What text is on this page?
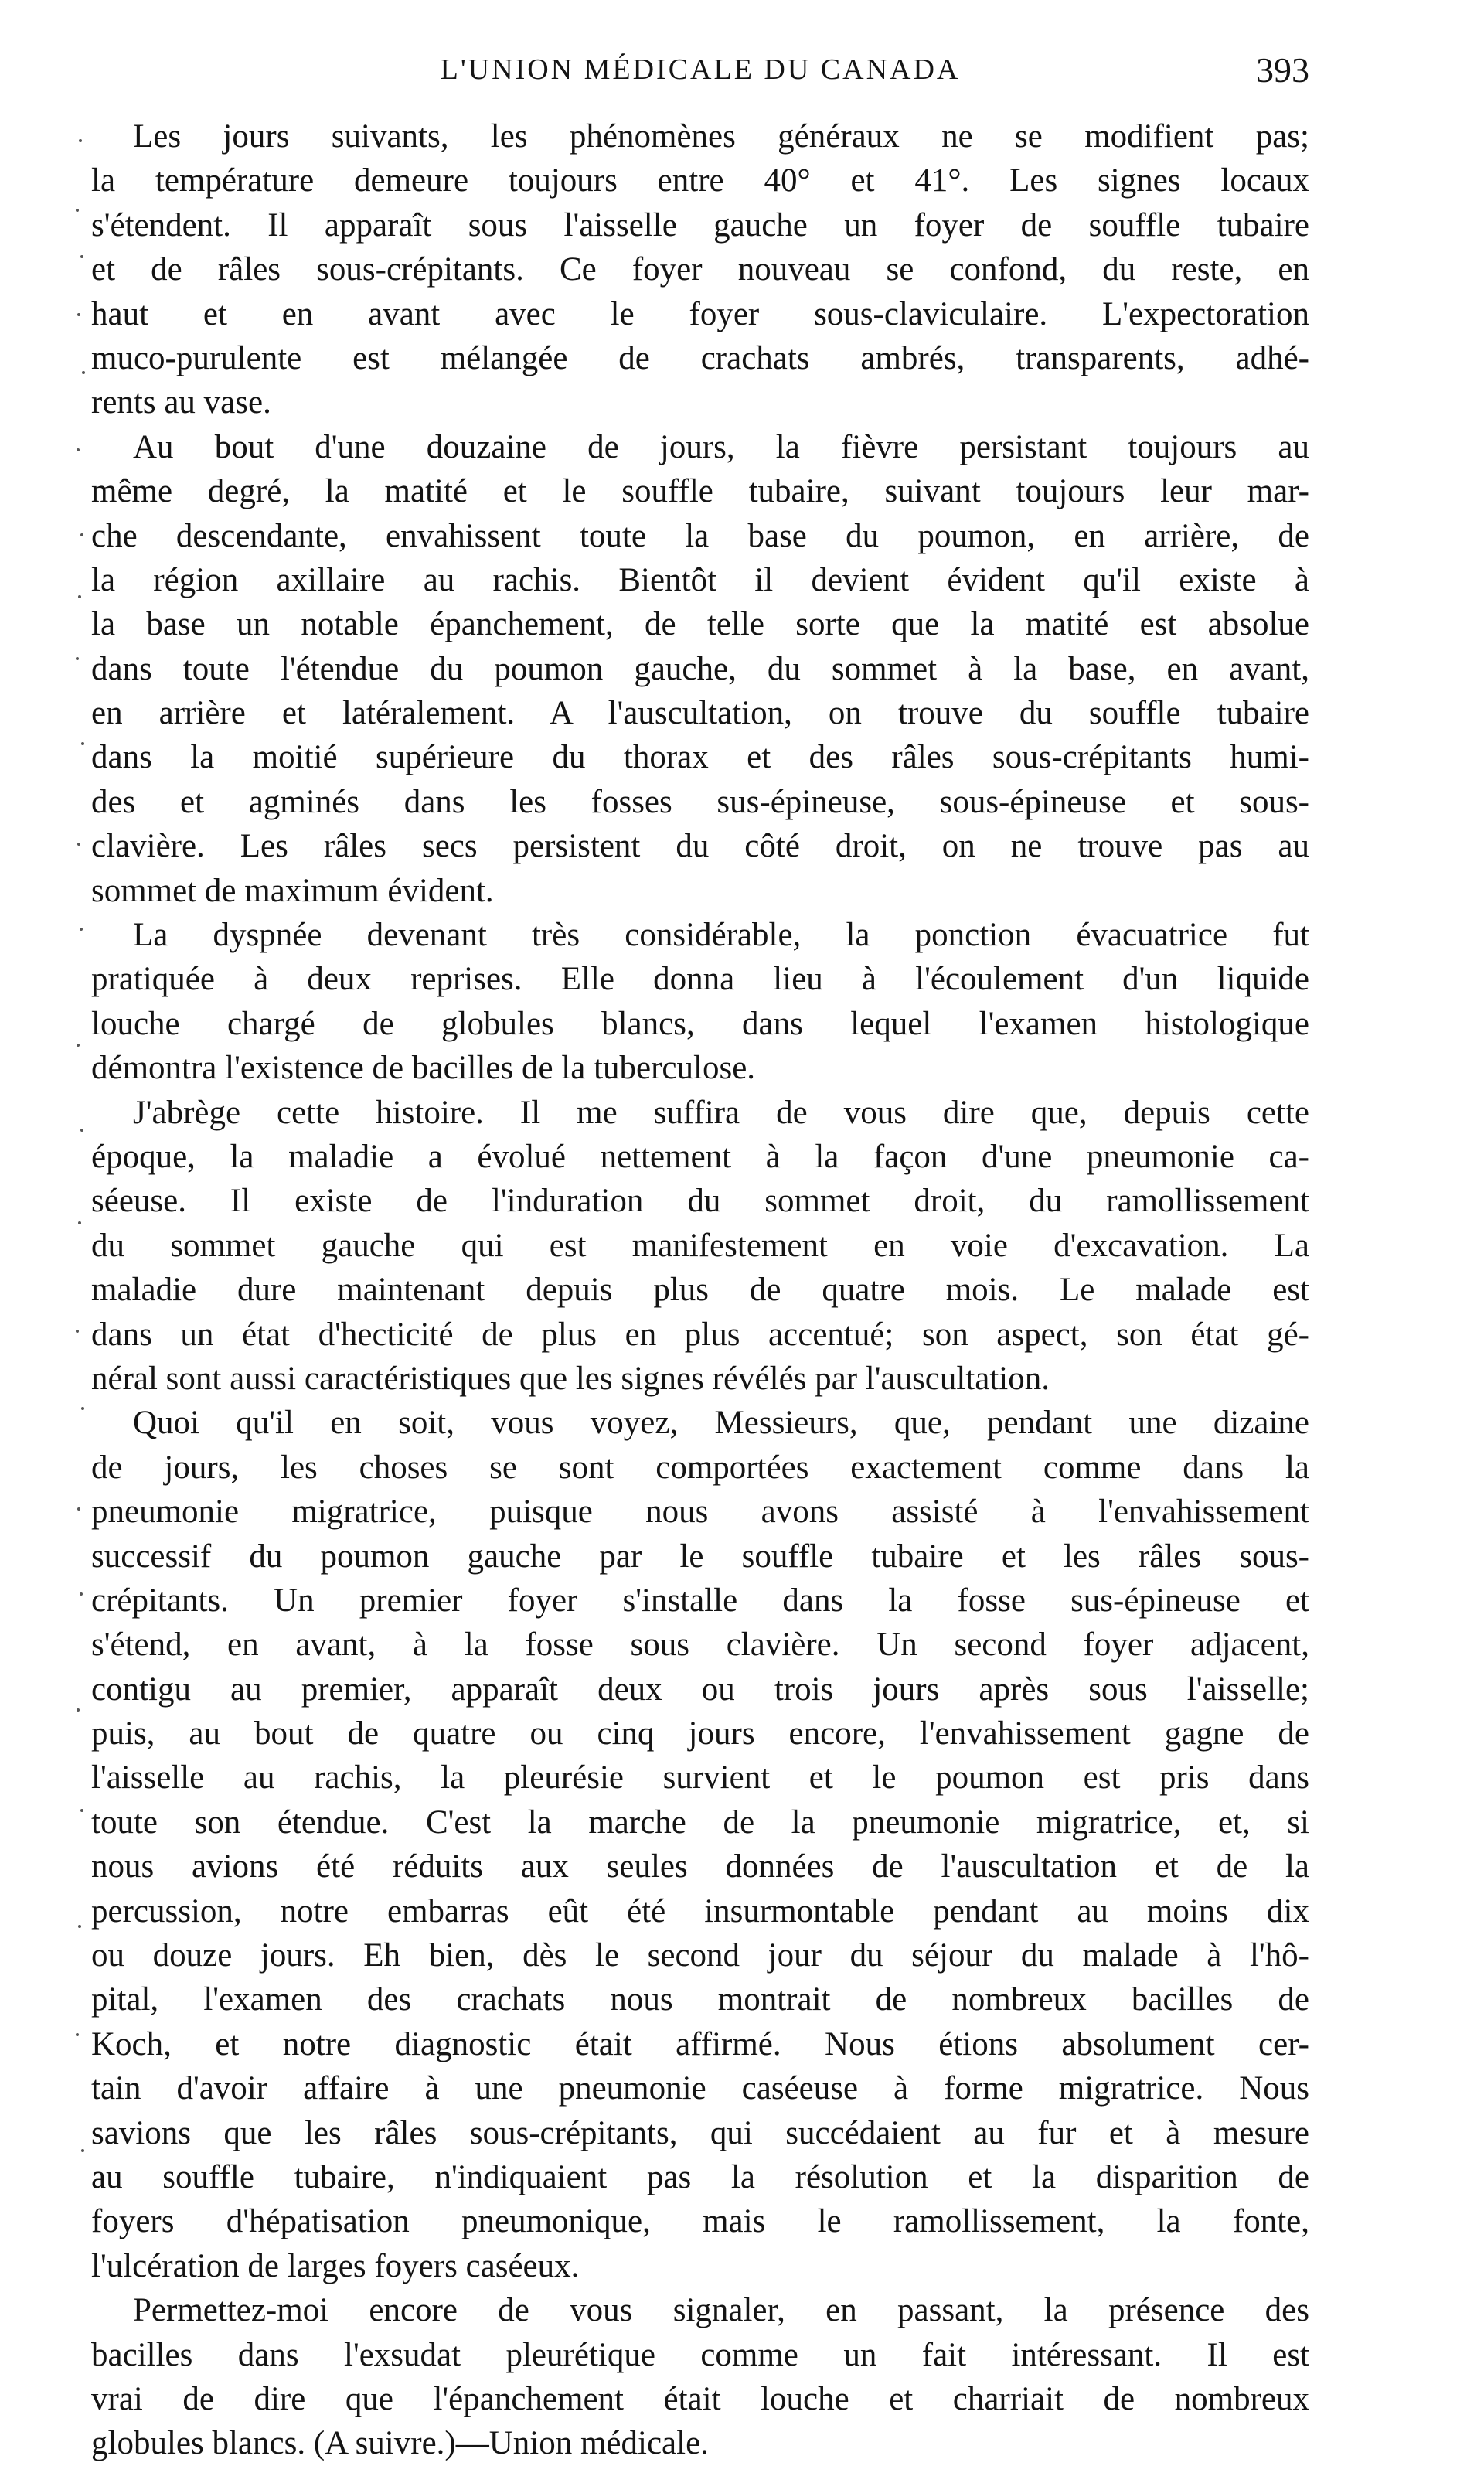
L'UNION MÉDICALE DU CANADA	393
Les jours suivants, les phénomènes généraux ne se modifient pas;
la température demeure toujours entre 40° et 41°. Les signes locaux
s'étendent. Il apparaît sous l'aisselle gauche un foyer de souffle tubaire
et de râles sous-crépitants. Ce foyer nouveau se confond, du reste, en
haut et en avant avec le foyer sous-claviculaire. L'expectoration
muco-purulente est mélangée de crachats ambrés, transparents, adhé-
rents au vase.
Au bout d'une douzaine de jours, la fièvre persistant toujours au
même degré, la matité et le souffle tubaire, suivant toujours leur mar-
che descendante, envahissent toute la base du poumon, en arrière, de
la région axillaire au rachis. Bientôt il devient évident qu'il existe à
la base un notable épanchement, de telle sorte que la matité est absolue
dans toute l'étendue du poumon gauche, du sommet à la base, en avant,
en arrière et latéralement. A l'auscultation, on trouve du souffle tubaire
dans la moitié supérieure du thorax et des râles sous-crépitants humi-
des et agminés dans les fosses sus-épineuse, sous-épineuse et sous-
clavière. Les râles secs persistent du côté droit, on ne trouve pas au
sommet de maximum évident.
La dyspnée devenant très considérable, la ponction évacuatrice fut
pratiquée à deux reprises. Elle donna lieu à l'écoulement d'un liquide
louche chargé de globules blancs, dans lequel l'examen histologique
démontra l'existence de bacilles de la tuberculose.
J'abrège cette histoire. Il me suffira de vous dire que, depuis cette
époque, la maladie a évolué nettement à la façon d'une pneumonie ca-
séeuse. Il existe de l'induration du sommet droit, du ramollissement
du sommet gauche qui est manifestement en voie d'excavation. La
maladie dure maintenant depuis plus de quatre mois. Le malade est
dans un état d'hecticité de plus en plus accentué; son aspect, son état gé-
néral sont aussi caractéristiques que les signes révélés par l'auscultation.
Quoi qu'il en soit, vous voyez, Messieurs, que, pendant une dizaine
de jours, les choses se sont comportées exactement comme dans la
pneumonie migratrice, puisque nous avons assisté à l'envahissement
successif du poumon gauche par le souffle tubaire et les râles sous-
crépitants. Un premier foyer s'installe dans la fosse sus-épineuse et
s'étend, en avant, à la fosse sous clavière. Un second foyer adjacent,
contigu au premier, apparaît deux ou trois jours après sous l'aisselle;
puis, au bout de quatre ou cinq jours encore, l'envahissement gagne de
l'aisselle au rachis, la pleurésie survient et le poumon est pris dans
toute son étendue. C'est la marche de la pneumonie migratrice, et, si
nous avions été réduits aux seules données de l'auscultation et de la
percussion, notre embarras eût été insurmontable pendant au moins dix
ou douze jours. Eh bien, dès le second jour du séjour du malade à l'hô-
pital, l'examen des crachats nous montrait de nombreux bacilles de
Koch, et notre diagnostic était affirmé. Nous étions absolument cer-
tain d'avoir affaire à une pneumonie caséeuse à forme migratrice. Nous
savions que les râles sous-crépitants, qui succédaient au fur et à mesure
au souffle tubaire, n'indiquaient pas la résolution et la disparition de
foyers d'hépatisation pneumonique, mais le ramollissement, la fonte,
l'ulcération de larges foyers caséeux.
Permettez-moi encore de vous signaler, en passant, la présence des
bacilles dans l'exsudat pleurétique comme un fait intéressant. Il est
vrai de dire que l'épanchement était louche et charriait de nombreux
globules blancs. (A suivre.)—Union médicale.
